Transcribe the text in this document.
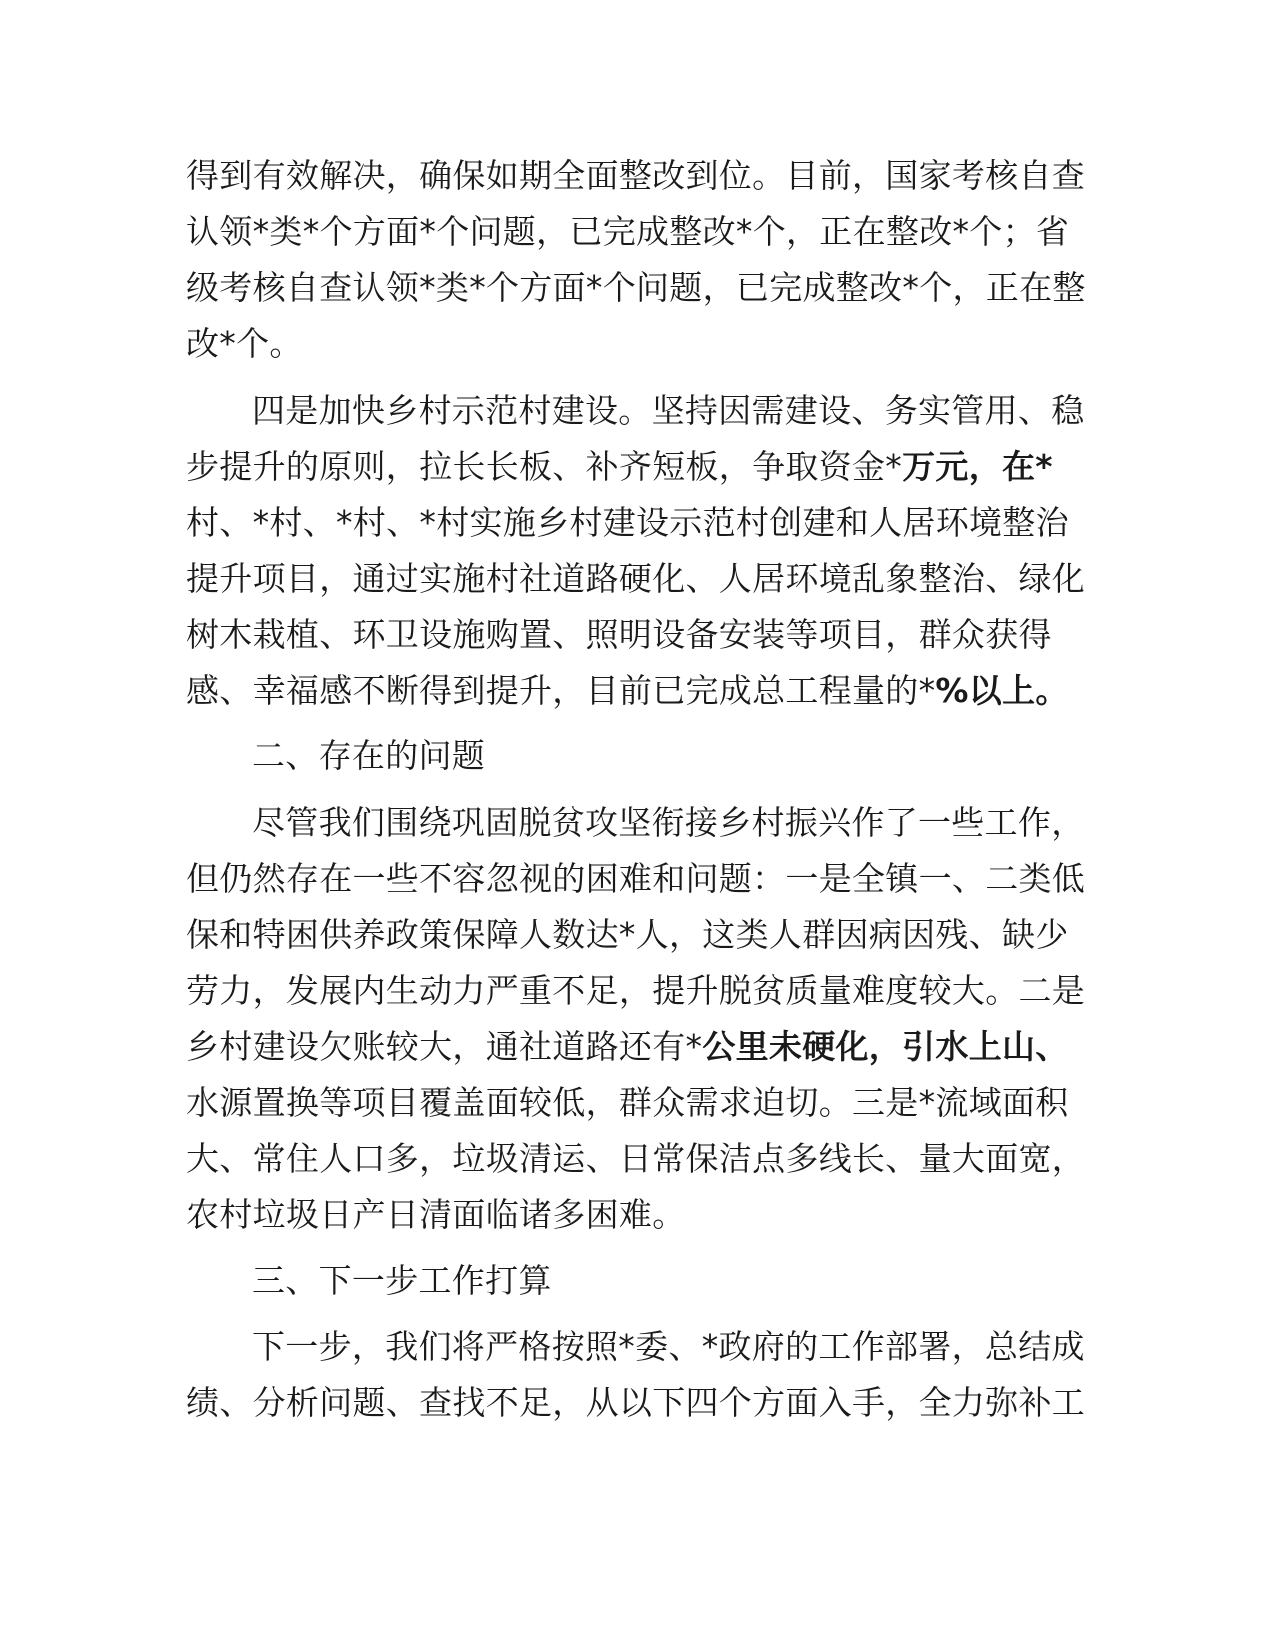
得到有效解决，确保如期全面整改到位。目前，国家考核自查
认领*类*个方面*个问题，已完成整改*个，正在整改*个；省
级考核自查认领*类*个方面*个问题，已完成整改*个，正在整
改*个。
四是加快乡村示范村建设。坚持因需建设、务实管用、稳
步提升的原则，拉长长板、补齐短板，争取资金*万元，在*
村、*村、*村、*村实施乡村建设示范村创建和人居环境整治
提升项目，通过实施村社道路硬化、人居环境乱象整治、绿化
树木栽植、环卫设施购置、照明设备安装等项目，群众获得
感、幸福感不断得到提升，目前已完成总工程量的*%以上。
二、存在的问题
尽管我们围绕巩固脱贫攻坚衔接乡村振兴作了一些工作，
但仍然存在一些不容忽视的困难和问题：一是全镇一、二类低
保和特困供养政策保障人数达*人，这类人群因病因残、缺少
劳力，发展内生动力严重不足，提升脱贫质量难度较大。二是
乡村建设欠账较大，通社道路还有*公里未硬化，引水上山、
水源置换等项目覆盖面较低，群众需求迫切。三是*流域面积
大、常住人口多，垃圾清运、日常保洁点多线长、量大面宽，
农村垃圾日产日清面临诸多困难。
三、下一步工作打算
下一步，我们将严格按照*委、*政府的工作部署，总结成
绩、分析问题、查找不足，从以下四个方面入手，全力弥补工
